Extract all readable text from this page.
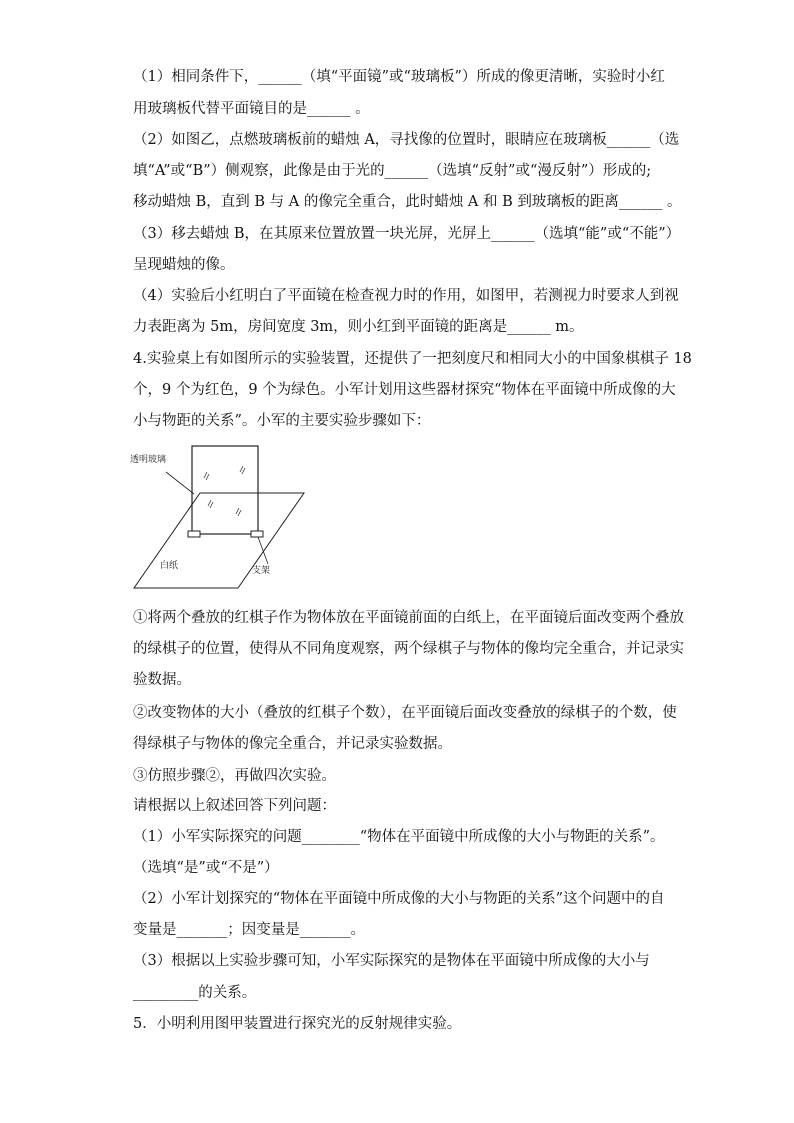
（1）相同条件下，______（填“平面镜”或“玻璃板”）所成的像更清晰，实验时小红
用玻璃板代替平面镜目的是______ 。
（2）如图乙，点燃玻璃板前的蜡烛 A，寻找像的位置时，眼睛应在玻璃板______（选
填“A”或“B”）侧观察，此像是由于光的______（选填“反射”或“漫反射”）形成的;
移动蜡烛 B，直到 B 与 A 的像完全重合，此时蜡烛 A 和 B 到玻璃板的距离______ 。
（3）移去蜡烛 B，在其原来位置放置一块光屏，光屏上______（选填“能”或“不能”）
呈现蜡烛的像。
（4）实验后小红明白了平面镜在检查视力时的作用，如图甲，若测视力时要求人到视
力表距离为 5m，房间宽度 3m，则小红到平面镜的距离是______ m。
4.实验桌上有如图所示的实验装置，还提供了一把刻度尺和相同大小的中国象棋棋子 18
个，9 个为红色，9 个为绿色。小军计划用这些器材探究“物体在平面镜中所成像的大
小与物距的关系”。小军的主要实验步骤如下：
透明玻璃
白纸	支架
①将两个叠放的红棋子作为物体放在平面镜前面的白纸上，在平面镜后面改变两个叠放
的绿棋子的位置，使得从不同角度观察，两个绿棋子与物体的像均完全重合，并记录实
验数据。
②改变物体的大小（叠放的红棋子个数），在平面镜后面改变叠放的绿棋子的个数，使
得绿棋子与物体的像完全重合，并记录实验数据。
③仿照步骤②，再做四次实验。
请根据以上叙述回答下列问题：
（1）小军实际探究的问题________“物体在平面镜中所成像的大小与物距的关系”。
（选填“是”或“不是”）
（2）小军计划探究的“物体在平面镜中所成像的大小与物距的关系”这个问题中的自
变量是_______；因变量是_______。
（3）根据以上实验步骤可知，小军实际探究的是物体在平面镜中所成像的大小与
_________的关系。
5．小明利用图甲装置进行探究光的反射规律实验。
